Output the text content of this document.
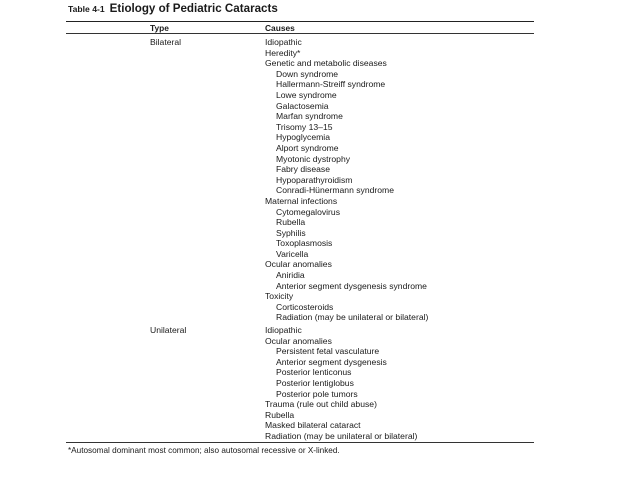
Table 4-1 Etiology of Pediatric Cataracts
Type	Causes
Bilateral	Idiopathic
Heredity*
Genetic and metabolic diseases
Down syndrome
Hallermann-Streiff syndrome
Lowe syndrome
Galactosemia
Marfan syndrome
Trisomy 13–15
Hypoglycemia
Alport syndrome
Myotonic dystrophy
Fabry disease
Hypoparathyroidism
Conradi-Hünermann syndrome
Maternal infections
Cytomegalovirus
Rubella
Syphilis
Toxoplasmosis
Varicella
Ocular anomalies
Aniridia
Anterior segment dysgenesis syndrome
Toxicity
Corticosteroids
Radiation (may be unilateral or bilateral)
Unilateral	Idiopathic
Ocular anomalies
Persistent fetal vasculature
Anterior segment dysgenesis
Posterior lenticonus
Posterior lentiglobus
Posterior pole tumors
Trauma (rule out child abuse)
Rubella
Masked bilateral cataract
Radiation (may be unilateral or bilateral)
*Autosomal dominant most common; also autosomal recessive or X-linked.
